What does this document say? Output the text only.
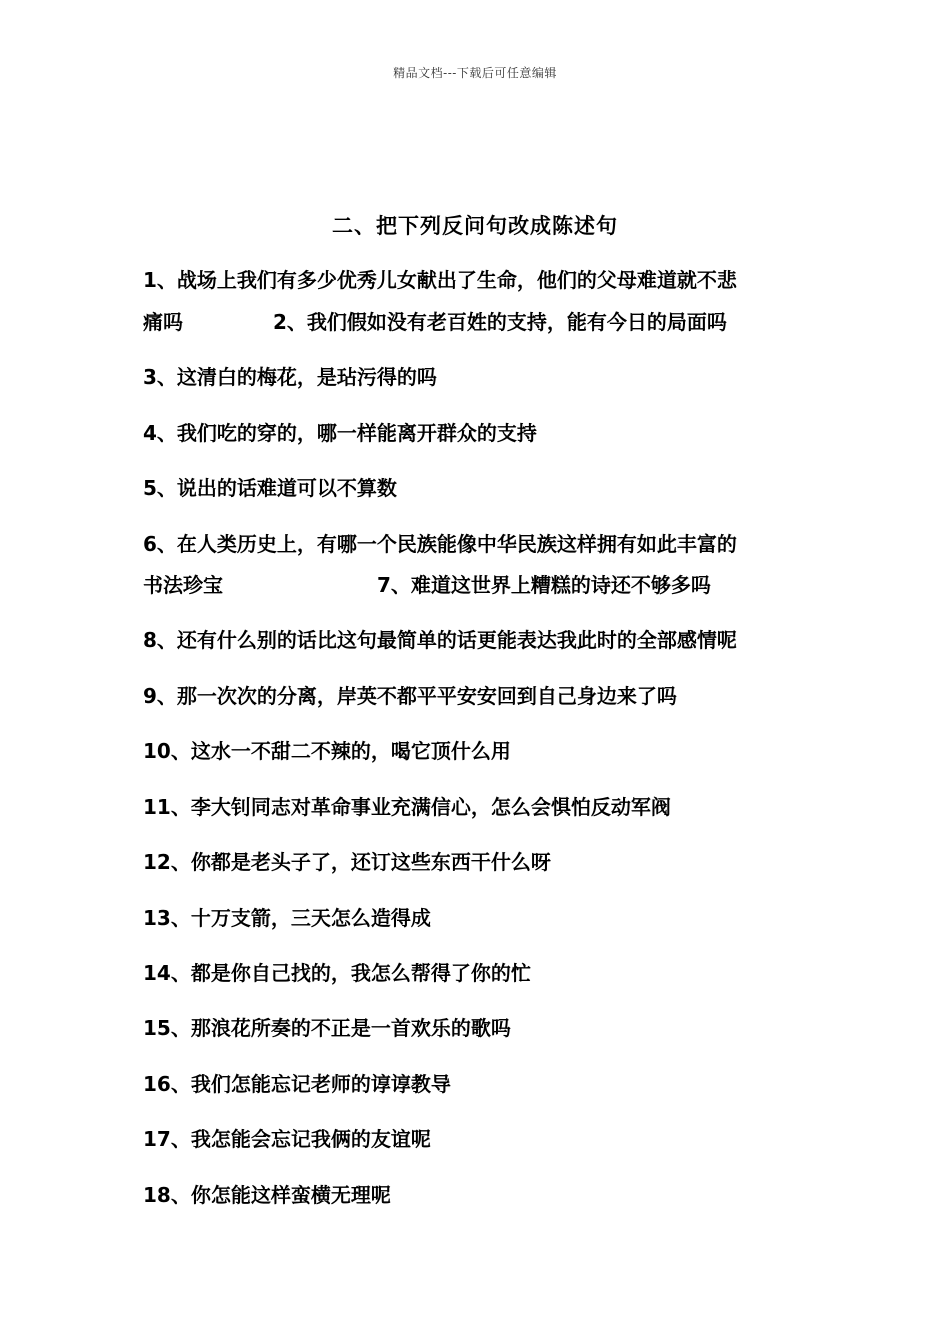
精品文档---下载后可任意编辑
二、把下列反问句改成陈述句
1、战场上我们有多少优秀儿女献出了生命，他们的父母难道就不悲
痛吗	2、我们假如没有老百姓的支持，能有今日的局面吗
3、这清白的梅花，是玷污得的吗
4、我们吃的穿的，哪一样能离开群众的支持
5、说出的话难道可以不算数
6、在人类历史上，有哪一个民族能像中华民族这样拥有如此丰富的
书法珍宝	7、难道这世界上糟糕的诗还不够多吗
8、还有什么别的话比这句最简单的话更能表达我此时的全部感情呢
9、那一次次的分离，岸英不都平平安安回到自己身边来了吗
10、这水一不甜二不辣的，喝它顶什么用
11、李大钊同志对革命事业充满信心，怎么会惧怕反动军阀
12、你都是老头子了，还订这些东西干什么呀
13、十万支箭，三天怎么造得成
14、都是你自己找的，我怎么帮得了你的忙
15、那浪花所奏的不正是一首欢乐的歌吗
16、我们怎能忘记老师的谆谆教导
17、我怎能会忘记我俩的友谊呢
18、你怎能这样蛮横无理呢
